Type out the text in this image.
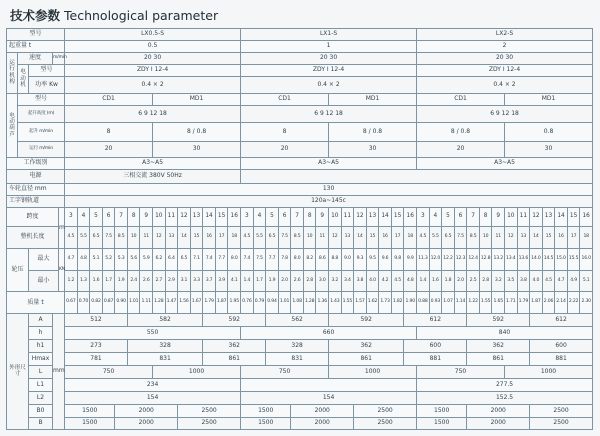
技术参数 Technological parameter
型号					LX0.5-S														LX1-S														LX2-S													
起重量 t					0.5														1														2													
运行机构	速度		m/min		20 30														20 30														20 30													
	电动机	型号			ZDY I 12-4														ZDY I 12-4														ZDY I 12-4													
		功率 Kw			0.4 × 2														0.4 × 2														0.4 × 2													
电动葫芦	型号				CD1							MD1							CD1							MD1							CD1							MD1						
	起升高度 (m)				6 9 12 18														6 9 12 18														6 9 12 18													
	起升 m/min				8							8 / 0.8							8							8 / 0.8							8 / 0.8							0.8						
	运行 m/min				20							30							20							30							20							30						
工作级别					A3~A5														A3~A5														A3~A5													
电源					三相交流 380V 50Hz																																									
车轮直径 mm					130																																									
工字钢轨道					120a~145c																																									
跨度				m	3	4	5	6	7	8	9	10	11	12	13	14	15	16	3	4	5	6	7	8	9	10	11	12	13	14	15	16	3	4	5	6	7	8	9	10	11	12	13	14	15	16
整机长度					4.5	5.5	6.5	7.5	8.5	10	11	12	13	14	15	16	17	18	4.5	5.5	6.5	7.5	8.5	10	11	12	13	14	15	16	17	18	4.5	5.5	6.5	7.5	8.5	10	11	12	13	14	15	16	17	18
轮压		最大		KN	4.7	4.8	5.1	5.2	5.3	5.6	5.9	6.2	6.4	6.5	7.1	7.4	7.7	8.0	7.4	7.5	7.7	7.8	8.0	8.2	8.6	8.8	9.0	9.3	9.5	9.6	9.8	9.9	11.3	12.0	12.2	12.3	12.4	12.8	13.2	13.4	13.6	14.0	14.5	15.0	15.5	16.0
		最小			1.2	1.3	1.6	1.7	1.9	2.4	2.6	2.7	2.9	3.1	3.3	3.7	3.9	4.1	1.4	1.7	1.9	2.0	2.6	2.8	3.0	3.2	3.4	3.8	4.0	4.2	4.5	4.8	1.4	1.6	1.8	2.0	2.5	2.8	3.2	3.5	3.8	4.0	4.5	4.7	4.9	5.1
质量 t					0.67	0.70	0.82	0.87	0.90	1.01	1.11	1.28	1.47	1.56	1.67	1.79	1.87	1.95	0.76	0.79	0.94	1.01	1.08	1.28	1.36	1.43	1.55	1.57	1.62	1.73	1.82	1.90	0.88	0.93	1.07	1.14	1.22	1.55	1.65	1.71	1.79	1.87	2.06	2.14	2.22	2.30
外形尺寸		A	mm		512					582						592					562					592						612					592					612				
		h			550														660														840													
		h1			273					328						362					328					362						600					362					600				
		Hmax			781					831						861					831					861						881					861					881				
		L			750							1000							750							1000							750							1000						
		L1			234																												277.5													
		L2			154														154														152.5													
		B0			1500				2000					2500					1500				2000					2500					1500				2000					2500				
		B			1500				2000					2500					1500				2000					2500					1500				2000					2500				
